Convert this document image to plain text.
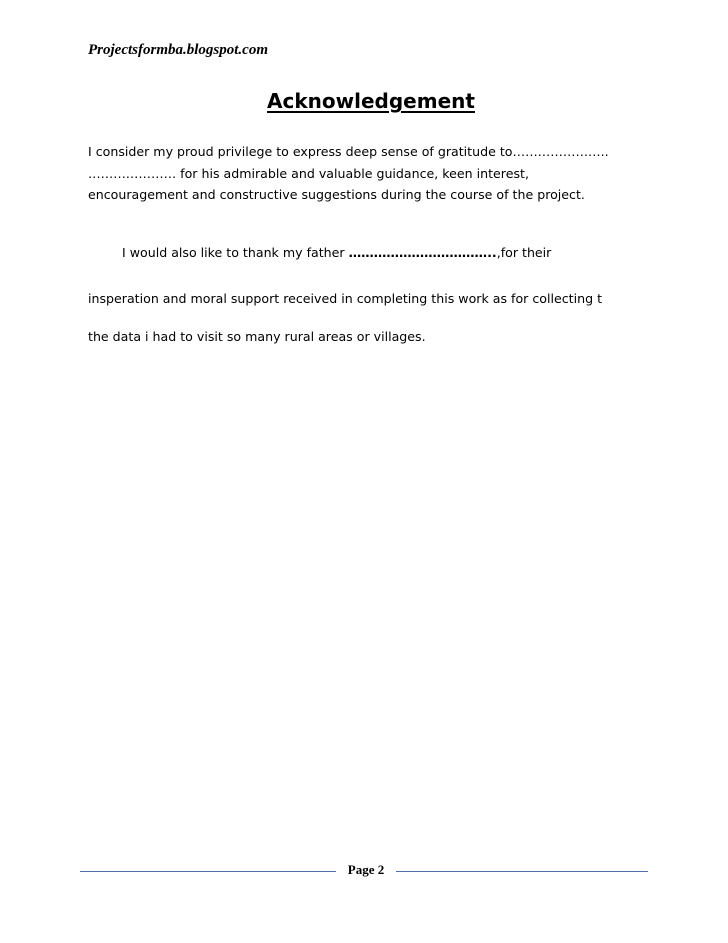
Projectsformba.blogspot.com
Acknowledgement
I consider my proud privilege to express deep sense of gratitude to…………………..
………………… for his admirable and valuable guidance, keen interest,
encouragement and constructive suggestions during the course of the project.
I would also like to thank my father ……………………………..,for their
insperation and moral support received in completing this work as for collecting t
the data i had to visit so many rural areas or villages.
Page 2
